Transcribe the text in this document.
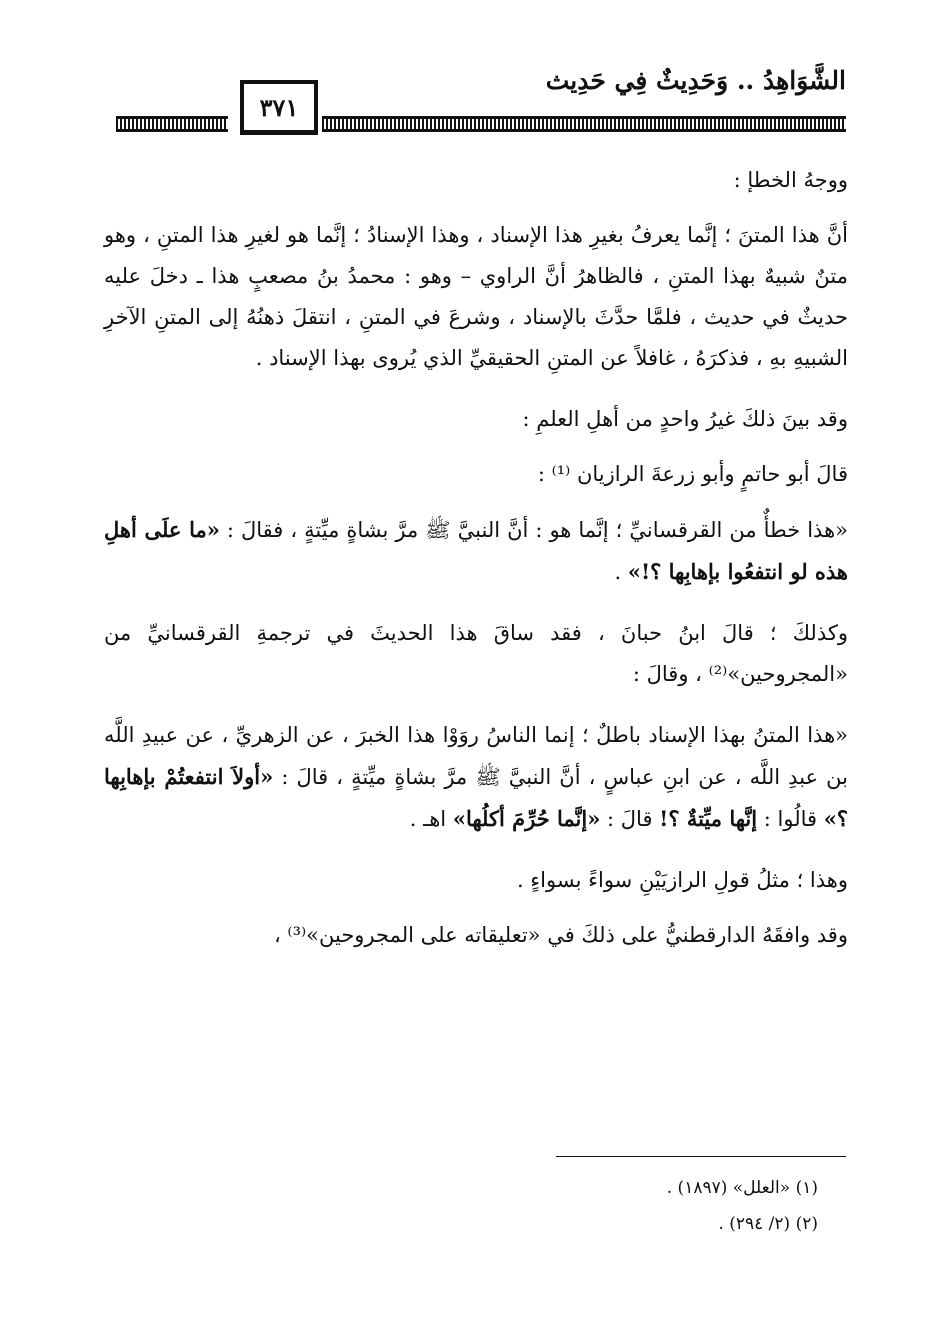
الشَّوَاهِدُ .. وَحَدِيثٌ فِي حَدِيث
٣٧١

ووجهُ الخطإ :

أنَّ هذا المتنَ ؛ إنَّما يعرفُ بغيرِ هذا الإسناد ، وهذا الإسنادُ ؛ إنَّما هو لغيرِ هذا المتنِ ، وهو متنٌ شبيهٌ بهذا المتنِ ، فالظاهرُ أنَّ الراوي – وهو : محمدُ بنُ مصعبٍ هذا ـ دخلَ عليه حديثٌ في حديث ، فلمَّا حدَّثَ بالإسناد ، وشرعَ في المتنِ ، انتقلَ ذهنُهُ إلى المتنِ الآخرِ الشبيهِ بهِ ، فذكرَهُ ، غافلاً عن المتنِ الحقيقيِّ الذي يُروى بهذا الإسناد .

وقد بينَ ذلكَ غيرُ واحدٍ من أهلِ العلمِ :

قالَ أبو حاتمٍ وأبو زرعةَ الرازيان ⁽¹⁾ :

«هذا خطأٌ من القرقسانيِّ ؛ إنَّما هو : أنَّ النبيَّ ﷺ مرَّ بشاةٍ ميِّتةٍ ، فقالَ : «ما علَى أهلِ هذه لو انتفعُوا بإهابِها ؟!» .

وكذلكَ ؛ قالَ ابنُ حبانَ ، فقد ساقَ هذا الحديثَ في ترجمةِ القرقسانيِّ من «المجروحين»⁽²⁾ ، وقالَ :

«هذا المتنُ بهذا الإسناد باطلٌ ؛ إنما الناسُ روَوْا هذا الخبرَ ، عن الزهريِّ ، عن عبيدِ اللَّه بن عبدِ اللَّه ، عن ابنِ عباسٍ ، أنَّ النبيَّ ﷺ مرَّ بشاةٍ ميِّتةٍ ، قالَ : «أولاَ انتفعتُمْ بإهابِها ؟» قالُوا : إنَّها ميِّتةٌ ؟! قالَ : «إنَّما حُرِّمَ أكلُها» اهـ .

وهذا ؛ مثلُ قولِ الرازيَيْنِ سواءً بسواءٍ .

وقد وافقَهُ الدارقطنيُّ على ذلكَ في «تعليقاته على المجروحين»⁽³⁾ ،

(١) «العلل» (١٨٩٧) .
(٢) (٢/ ٢٩٤) .
